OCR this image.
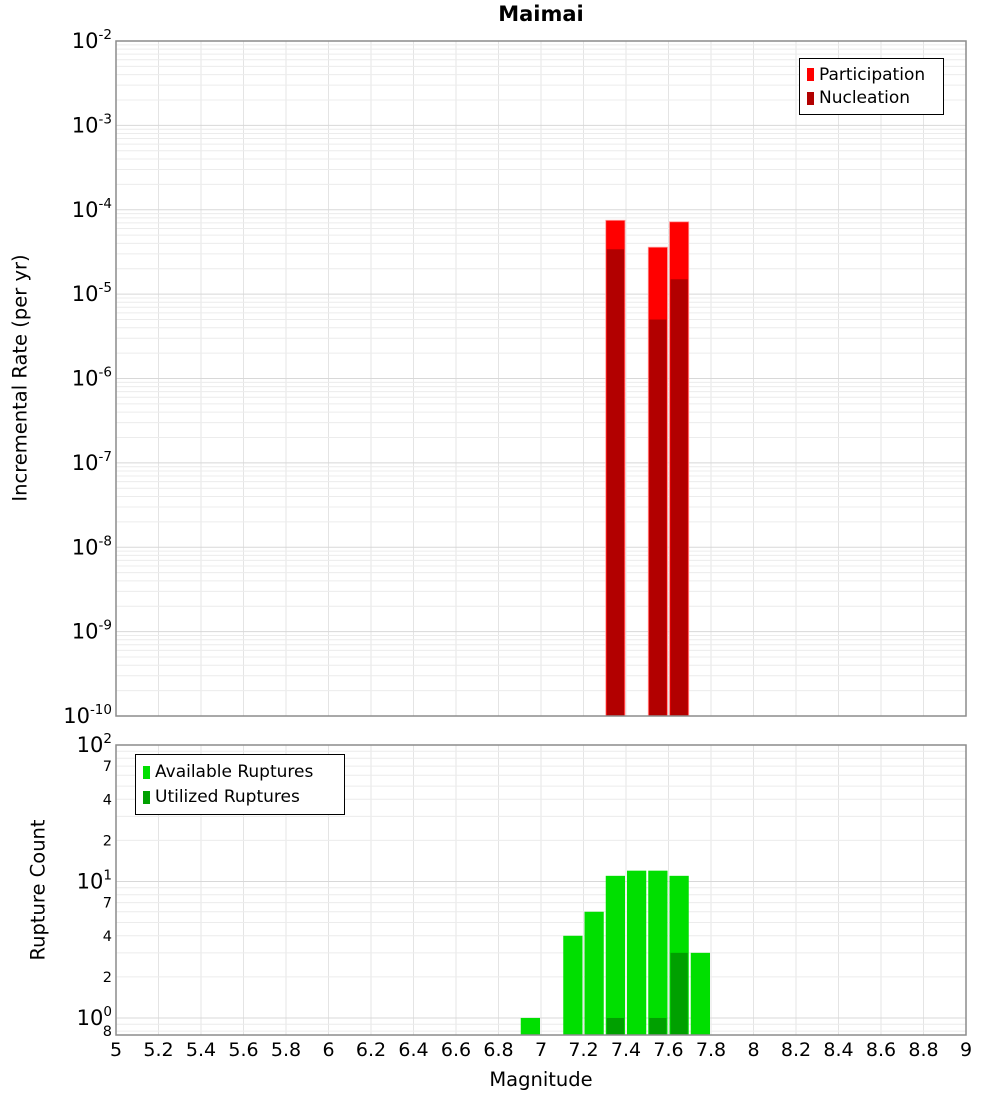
$10^{-2}$
$10^{-3}$
$10^{-4}$
$10^{-5}$
$10^{-6}$
$10^{-7}$
$10^{-8}$
$10^{-9}$
$10^{-10}$
$10^2$
$10^1$
$10^0$
7
4
2
7
4
2
8
5 5.2 5.4 5.6 5.8 6 6.2 6.4 6.6 6.8 7 7.2 7.4 7.6 7.8 8 8.2 8.4 8.6 8.8 9
Maimai
Incremental Rate (per yr)
Rupture Count
Magnitude
Participation
Nucleation
Available Ruptures
Utilized Ruptures
